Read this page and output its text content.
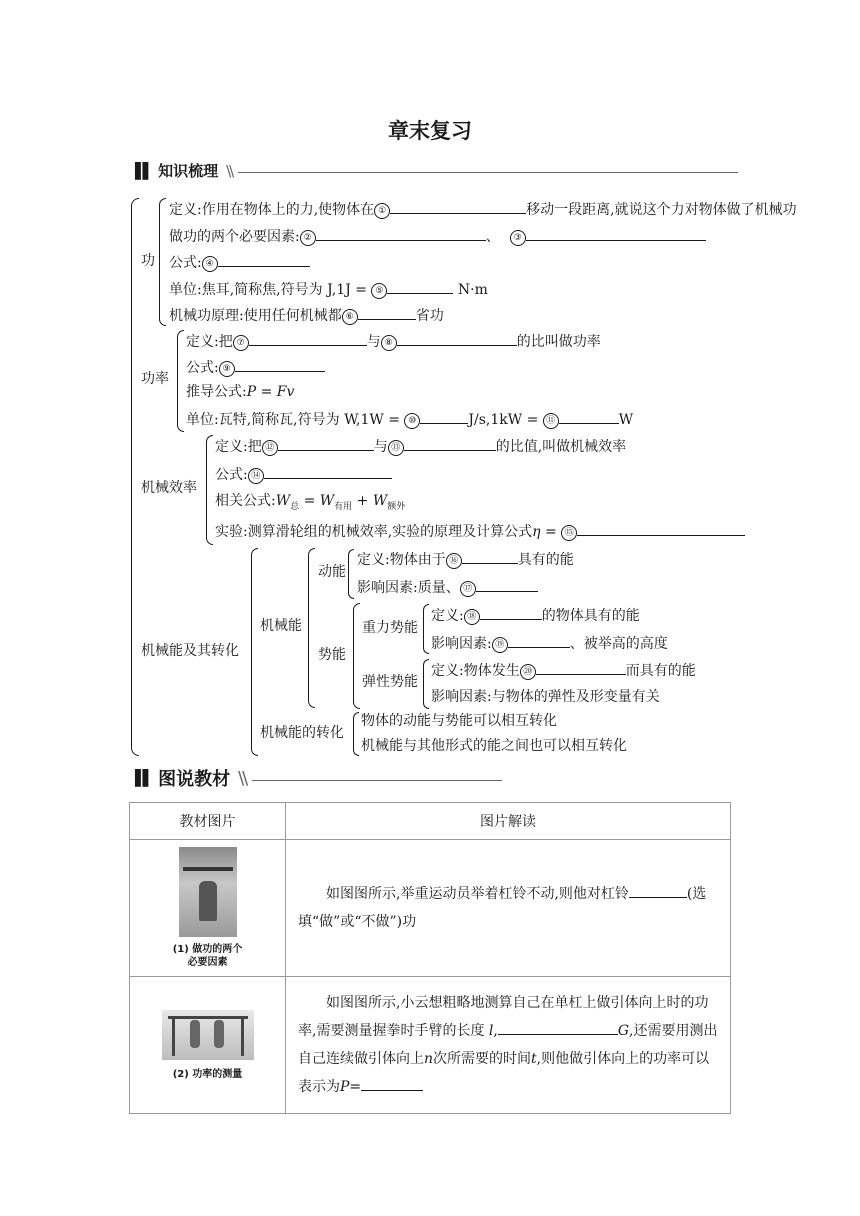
章末复习
▌▌ 知识梳理 \\
功
定义:作用在物体上的力,使物体在 ①	移动一段距离,就说这个力对物体做了机械功
做功的两个必要因素: ②	、 ③
公式: ④
单位:焦耳,简称焦,符号为 J,1J = ⑤	N·m
机械功原理:使用任何机械都 ⑥	省功
功率
定义:把 ⑦	与 ⑧	的比叫做功率
公式: ⑨
推导公式:P = Fv
单位:瓦特,简称瓦,符号为 W,1W = ⑩	J/s,1kW = ⑪	W
机械效率
定义:把 ⑫	与 ⑬	的比值,叫做机械效率
公式: ⑭
相关公式$:W_总 = W_{有用} + W_{额外}$
实验:测算滑轮组的机械效率,实验的原理及计算公式η = ⑮
机械能及其转化
机械能
动能
定义:物体由于 ⑯	具有的能
影响因素:质量、 ⑰
势能
重力势能
定义: ⑱	的物体具有的能
影响因素: ⑲	、被举高的高度
弹性势能
定义:物体发生 ⑳	而具有的能
影响因素:与物体的弹性及形变量有关
机械能的转化
物体的动能与势能可以相互转化
机械能与其他形式的能之间也可以相互转化
▌▌ 图说教材 \\
教材图片	图片解读

(1) 做功的两个
必要因素	如图图所示,举重运动员举着杠铃不动,则他对杠铃 (选填“做”或“不做”)功

(2) 功率的测量	如图图所示,小云想粗略地测算自己在单杠上做引体向上时的功率,需要测量握拳时手臂的长度 l, G,还需要用测出自己连续做引体向上n次所需要的时间t,则他做引体向上的功率可以表示为P=
